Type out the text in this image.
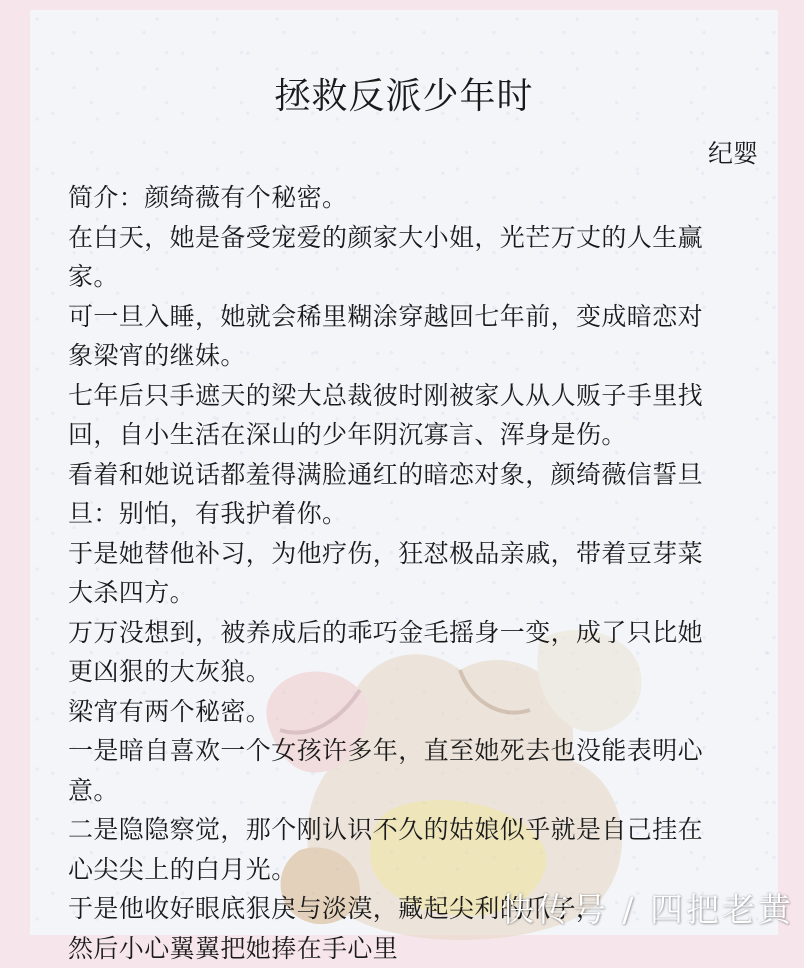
拯救反派少年时
纪婴
简介：颜绮薇有个秘密。
在白天，她是备受宠爱的颜家大小姐，光芒万丈的人生赢
家。
可一旦入睡，她就会稀里糊涂穿越回七年前，变成暗恋对
象梁宵的继妹。
七年后只手遮天的梁大总裁彼时刚被家人从人贩子手里找
回，自小生活在深山的少年阴沉寡言、浑身是伤。
看着和她说话都羞得满脸通红的暗恋对象，颜绮薇信誓旦
旦：别怕，有我护着你。
于是她替他补习，为他疗伤，狂怼极品亲戚，带着豆芽菜
大杀四方。
万万没想到，被养成后的乖巧金毛摇身一变，成了只比她
更凶狠的大灰狼。
梁宵有两个秘密。
一是暗自喜欢一个女孩许多年，直至她死去也没能表明心
意。
二是隐隐察觉，那个刚认识不久的姑娘似乎就是自己挂在
心尖尖上的白月光。
于是他收好眼底狠戾与淡漠，藏起尖利的爪子，
然后小心翼翼把她捧在手心里
快传号 / 四把老黄
